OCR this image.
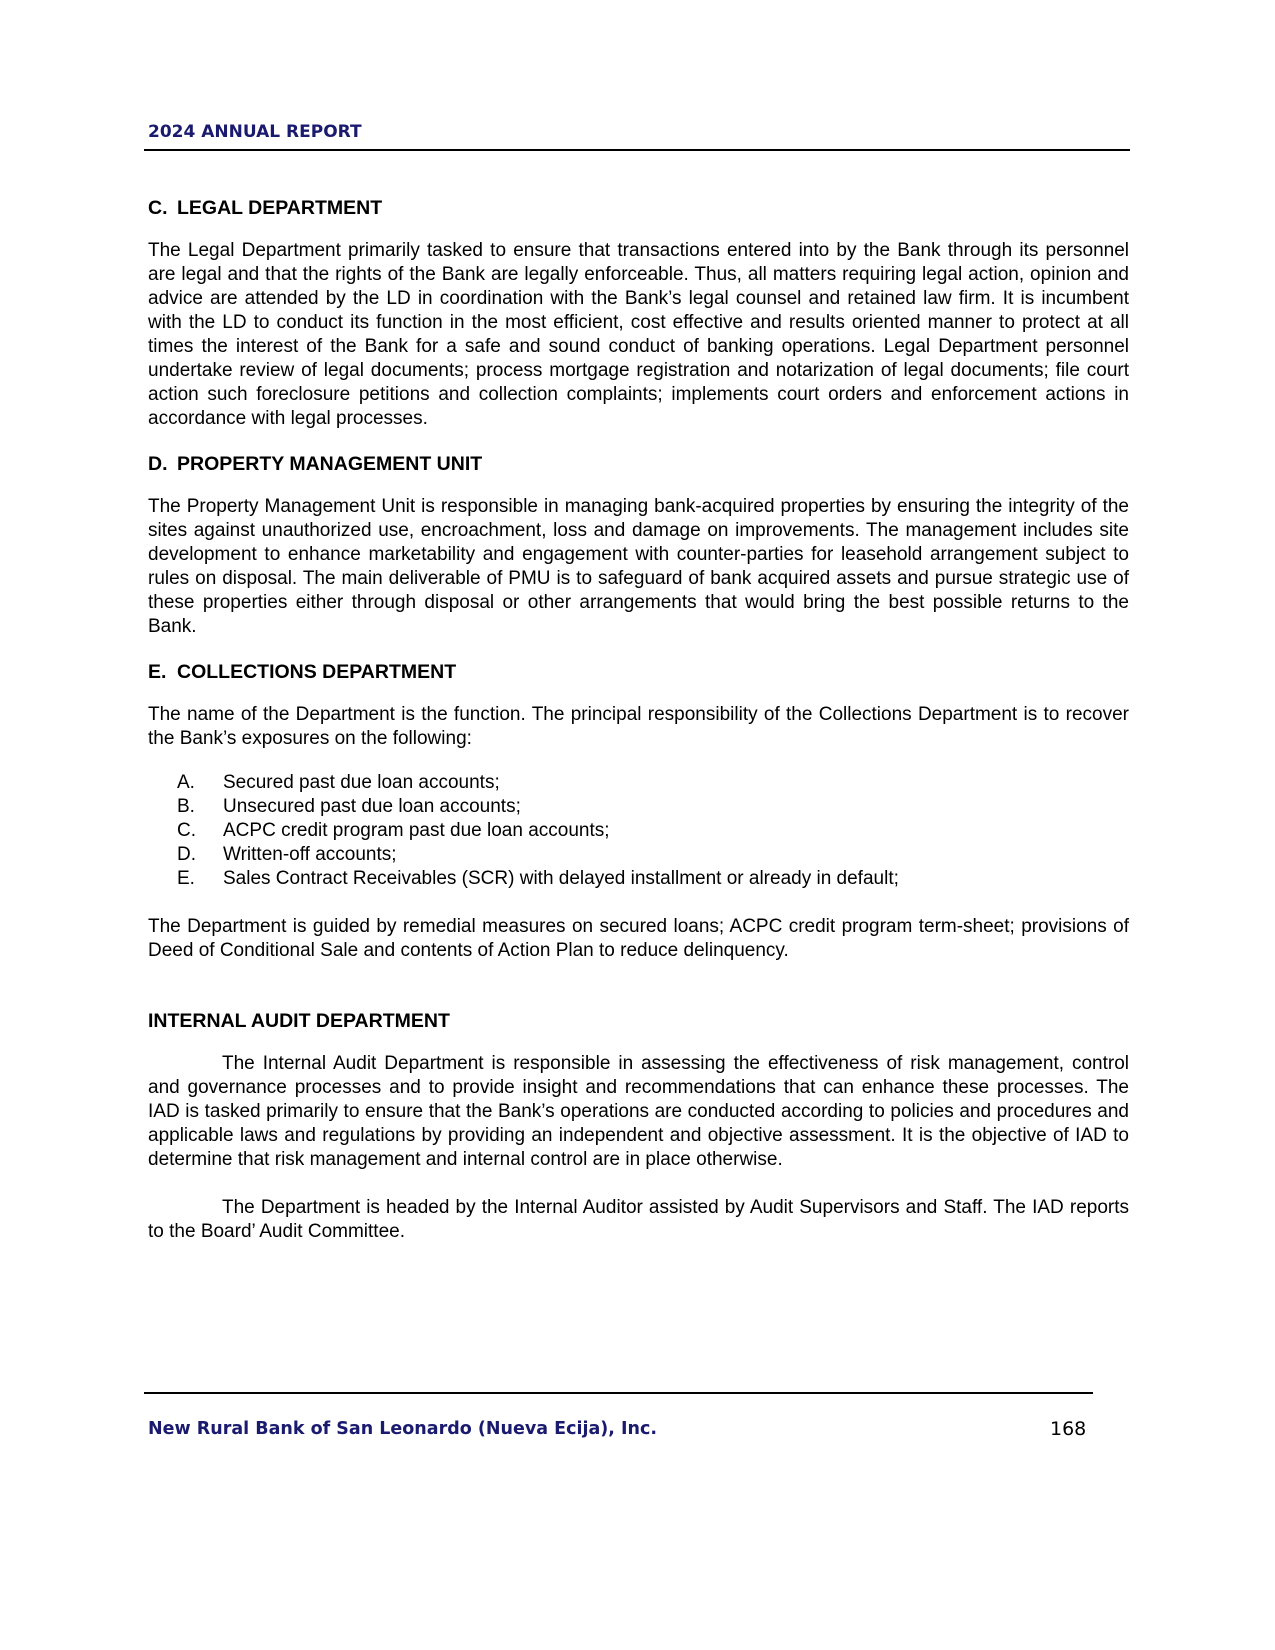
2024 ANNUAL REPORT
C. LEGAL DEPARTMENT

The Legal Department primarily tasked to ensure that transactions entered into by the Bank through its personnel are legal and that the rights of the Bank are legally enforceable. Thus, all matters requiring legal action, opinion and advice are attended by the LD in coordination with the Bank’s legal counsel and retained law firm. It is incumbent with the LD to conduct its function in the most efficient, cost effective and results oriented manner to protect at all times the interest of the Bank for a safe and sound conduct of banking operations. Legal Department personnel undertake review of legal documents; process mortgage registration and notarization of legal documents; file court action such foreclosure petitions and collection complaints; implements court orders and enforcement actions in accordance with legal processes.

D. PROPERTY MANAGEMENT UNIT

The Property Management Unit is responsible in managing bank-acquired properties by ensuring the integrity of the sites against unauthorized use, encroachment, loss and damage on improvements. The management includes site development to enhance marketability and engagement with counter-parties for leasehold arrangement subject to rules on disposal. The main deliverable of PMU is to safeguard of bank acquired assets and pursue strategic use of these properties either through disposal or other arrangements that would bring the best possible returns to the Bank.

E. COLLECTIONS DEPARTMENT

The name of the Department is the function. The principal responsibility of the Collections Department is to recover the Bank’s exposures on the following:

A.	Secured past due loan accounts;
B.	Unsecured past due loan accounts;
C.	ACPC credit program past due loan accounts;
D.	Written-off accounts;
E.	Sales Contract Receivables (SCR) with delayed installment or already in default;

The Department is guided by remedial measures on secured loans; ACPC credit program term-sheet; provisions of Deed of Conditional Sale and contents of Action Plan to reduce delinquency.

INTERNAL AUDIT DEPARTMENT

The Internal Audit Department is responsible in assessing the effectiveness of risk management, control and governance processes and to provide insight and recommendations that can enhance these processes. The IAD is tasked primarily to ensure that the Bank’s operations are conducted according to policies and procedures and applicable laws and regulations by providing an independent and objective assessment. It is the objective of IAD to determine that risk management and internal control are in place otherwise.

The Department is headed by the Internal Auditor assisted by Audit Supervisors and Staff. The IAD reports to the Board’ Audit Committee.

New Rural Bank of San Leonardo (Nueva Ecija), Inc.	168
